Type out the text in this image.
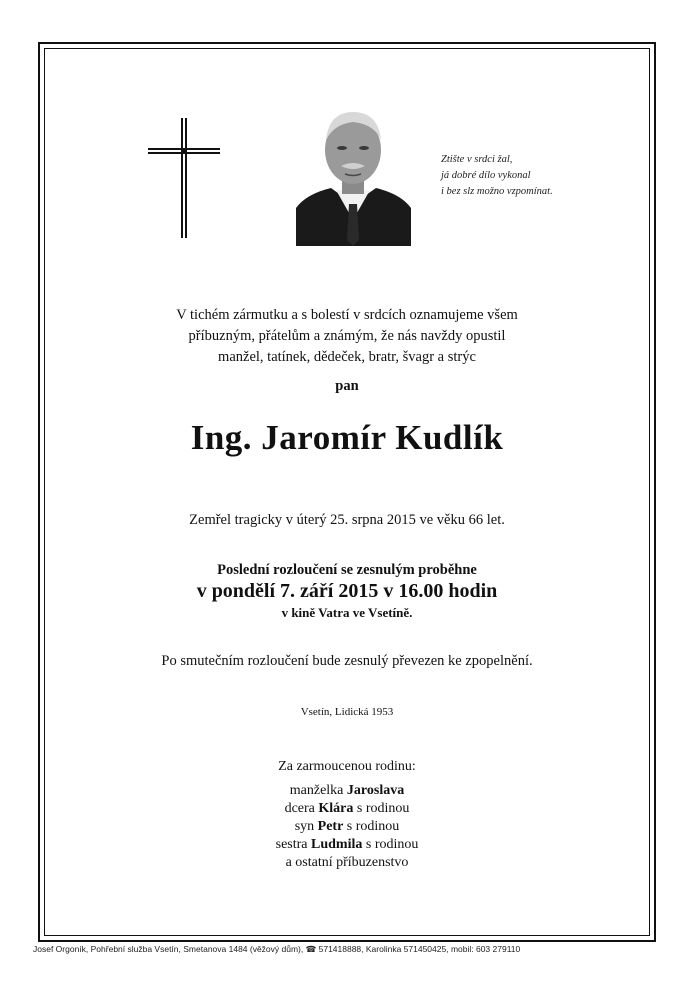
Ztište v srdci žal,
já dobré dílo vykonal
i bez slz možno vzpomínat.
V tichém zármutku a s bolestí v srdcích oznamujeme všem
příbuzným, přátelům a známým, že nás navždy opustil
manžel, tatínek, dědeček, bratr, švagr a strýc
pan
Ing. Jaromír Kudlík
Zemřel tragicky v úterý 25. srpna 2015 ve věku 66 let.
Poslední rozloučení se zesnulým proběhne
v pondělí 7. září 2015 v 16.00 hodin
v kině Vatra ve Vsetíně.
Po smutečním rozloučení bude zesnulý převezen ke zpopelnění.
Vsetín, Lidická 1953
Za zarmoucenou rodinu:
manželka Jaroslava
dcera Klára s rodinou
syn Petr s rodinou
sestra Ludmila s rodinou
a ostatní příbuzenstvo
Josef Orgoník, Pohřební služba Vsetín, Smetanova 1484 (věžový dům), ☎ 571418888, Karolinka 571450425, mobil: 603 279110
